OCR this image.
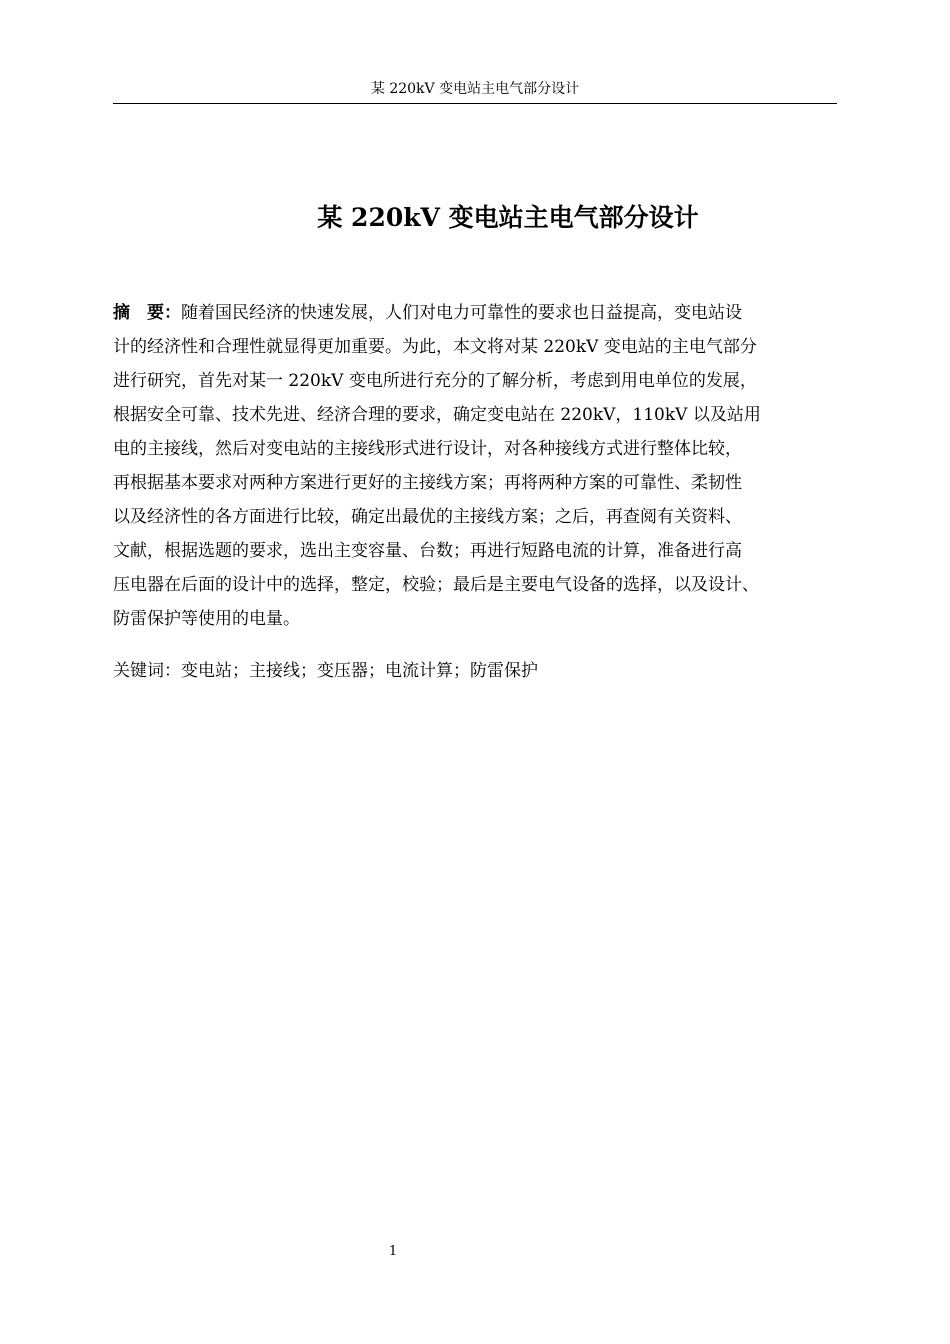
某 220kV 变电站主电气部分设计
某 220kV 变电站主电气部分设计
摘　要：随着国民经济的快速发展，人们对电力可靠性的要求也日益提高，变电站设
计的经济性和合理性就显得更加重要。为此，本文将对某 220kV 变电站的主电气部分
进行研究，首先对某一 220kV 变电所进行充分的了解分析，考虑到用电单位的发展，
根据安全可靠、技术先进、经济合理的要求，确定变电站在 220kV，110kV 以及站用
电的主接线，然后对变电站的主接线形式进行设计，对各种接线方式进行整体比较，
再根据基本要求对两种方案进行更好的主接线方案；再将两种方案的可靠性、柔韧性
以及经济性的各方面进行比较，确定出最优的主接线方案；之后，再查阅有关资料、
文献，根据选题的要求，选出主变容量、台数；再进行短路电流的计算，准备进行高
压电器在后面的设计中的选择，整定，校验；最后是主要电气设备的选择，以及设计、
防雷保护等使用的电量。
关键词：变电站；主接线；变压器；电流计算；防雷保护
1
